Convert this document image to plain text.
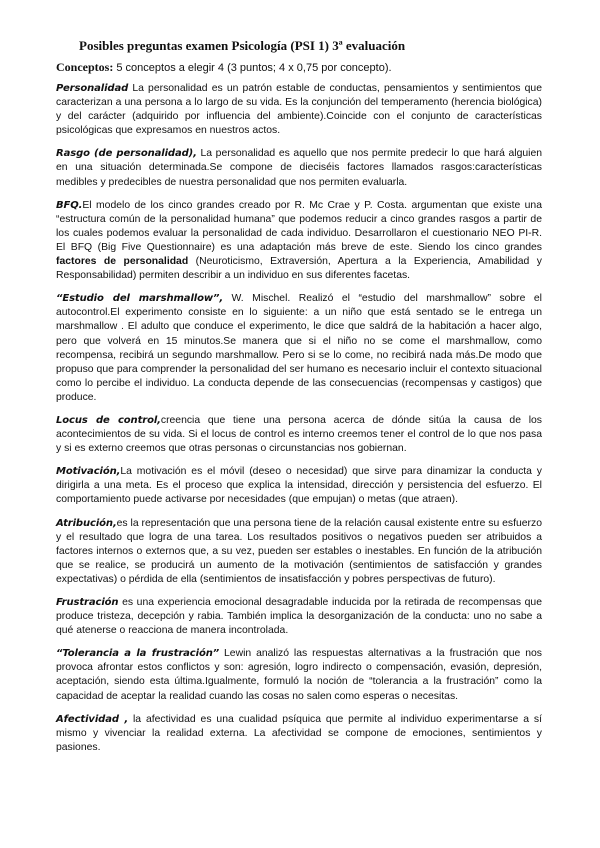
Posibles preguntas examen Psicología (PSI 1) 3ª evaluación
Conceptos: 5 conceptos a elegir 4 (3 puntos; 4 x 0,75 por concepto).

Personalidad La personalidad es un patrón estable de conductas, pensamientos y sentimientos que caracterizan a una persona a lo largo de su vida. Es la conjunción del temperamento (herencia biológica) y del carácter (adquirido por influencia del ambiente).Coincide con el conjunto de características psicológicas que expresamos en nuestros actos.

Rasgo (de personalidad), La personalidad es aquello que nos permite predecir lo que hará alguien en una situación determinada.Se compone de dieciséis factores llamados rasgos:características medibles y predecibles de nuestra personalidad que nos permiten evaluarla.

BFQ.El modelo de los cinco grandes creado por R. Mc Crae y P. Costa. argumentan que existe una “estructura común de la personalidad humana” que podemos reducir a cinco grandes rasgos a partir de los cuales podemos evaluar la personalidad de cada individuo. Desarrollaron el cuestionario NEO PI-R. El BFQ (Big Five Questionnaire) es una adaptación más breve de este. Siendo los cinco grandes factores de personalidad (Neuroticismo, Extraversión, Apertura a la Experiencia, Amabilidad y Responsabilidad) permiten describir a un individuo en sus diferentes facetas.

“Estudio del marshmallow”, W. Mischel. Realizó el “estudio del marshmallow” sobre el autocontrol.El experimento consiste en lo siguiente: a un niño que está sentado se le entrega un marshmallow . El adulto que conduce el experimento, le dice que saldrá de la habitación a hacer algo, pero que volverá en 15 minutos.Se manera que si el niño no se come el marshmallow, como recompensa, recibirá un segundo marshmallow. Pero si se lo come, no recibirá nada más.De modo que propuso que para comprender la personalidad del ser humano es necesario incluir el contexto situacional como lo percibe el individuo. La conducta depende de las consecuencias (recompensas y castigos) que produce.

Locus de control,creencia que tiene una persona acerca de dónde sitúa la causa de los acontecimientos de su vida. Si el locus de control es interno creemos tener el control de lo que nos pasa y si es externo creemos que otras personas o circunstancias nos gobiernan.

Motivación,La motivación es el móvil (deseo o necesidad) que sirve para dinamizar la conducta y dirigirla a una meta. Es el proceso que explica la intensidad, dirección y persistencia del esfuerzo. El comportamiento puede activarse por necesidades (que empujan) o metas (que atraen).

Atribución,es la representación que una persona tiene de la relación causal existente entre su esfuerzo y el resultado que logra de una tarea. Los resultados positivos o negativos pueden ser atribuidos a factores internos o externos que, a su vez, pueden ser estables o inestables. En función de la atribución que se realice, se producirá un aumento de la motivación (sentimientos de satisfacción y grandes expectativas) o pérdida de ella (sentimientos de insatisfacción y pobres perspectivas de futuro).

Frustración es una experiencia emocional desagradable inducida por la retirada de recompensas que produce tristeza, decepción y rabia. También implica la desorganización de la conducta: uno no sabe a qué atenerse o reacciona de manera incontrolada.

“Tolerancia a la frustración” Lewin analizó las respuestas alternativas a la frustración que nos provoca afrontar estos conflictos y son: agresión, logro indirecto o compensación, evasión, depresión, aceptación, siendo esta última.Igualmente, formuló la noción de “tolerancia a la frustración” como la capacidad de aceptar la realidad cuando las cosas no salen como esperas o necesitas.

Afectividad , la afectividad es una cualidad psíquica que permite al individuo experimentarse a sí mismo y vivenciar la realidad externa. La afectividad se compone de emociones, sentimientos y pasiones.
